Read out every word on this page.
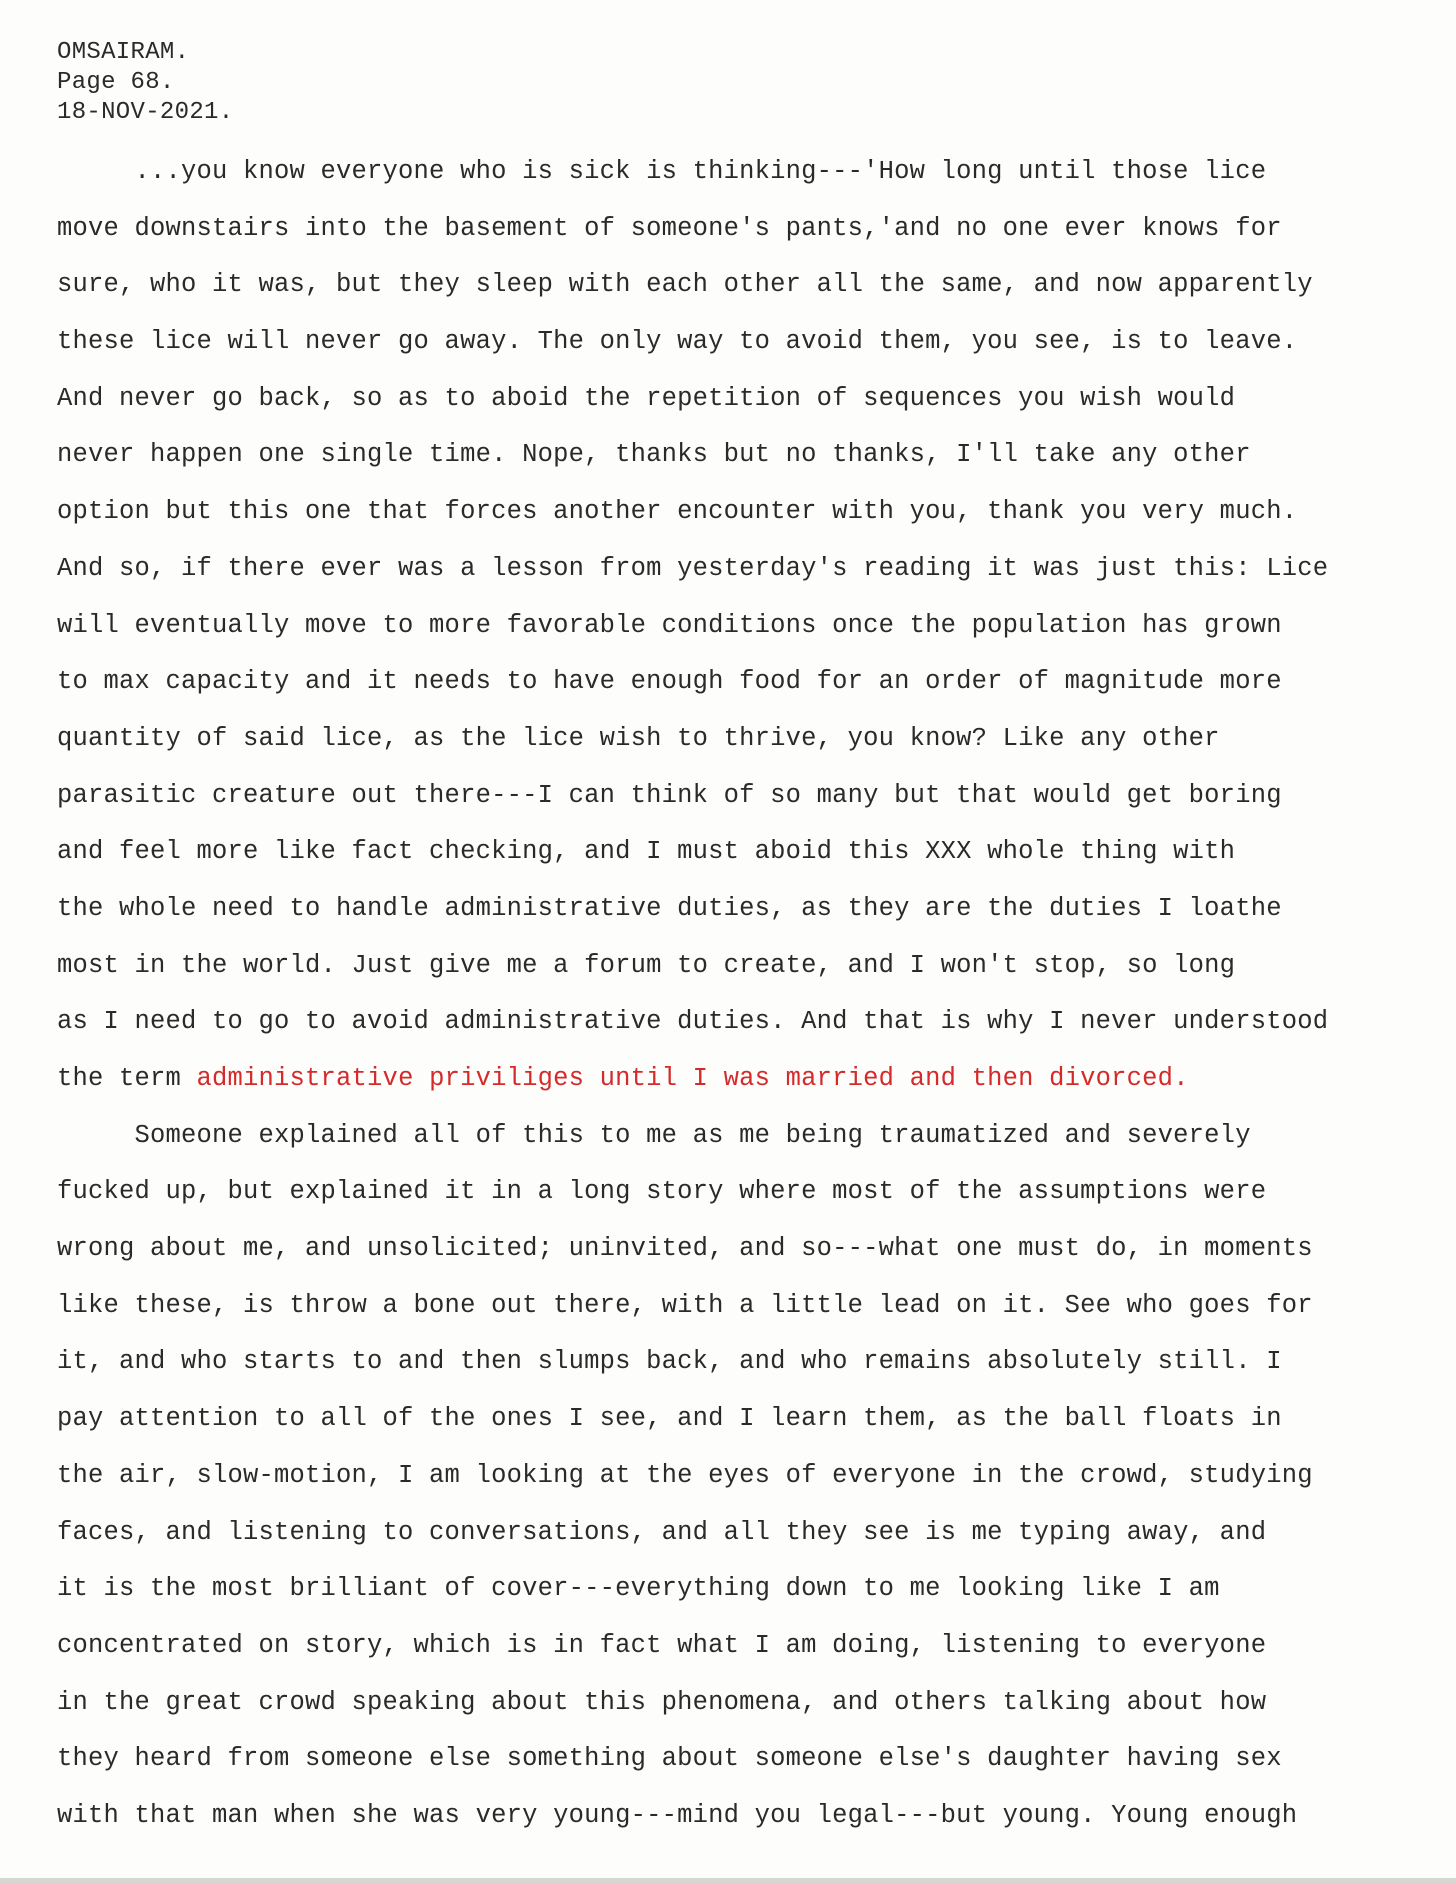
OMSAIRAM.
Page 68.
18-NOV-2021.
...you know everyone who is sick is thinking---'How long until those lice
move downstairs into the basement of someone's pants,'and no one ever knows for
sure, who it was, but they sleep with each other all the same, and now apparently
these lice will never go away. The only way to avoid them, you see, is to leave.
And never go back, so as to aboid the repetition of sequences you wish would
never happen one single time. Nope, thanks but no thanks, I'll take any other
option but this one that forces another encounter with you, thank you very much.
And so, if there ever was a lesson from yesterday's reading it was just this: Lice
will eventually move to more favorable conditions once the population has grown
to max capacity and it needs to have enough food for an order of magnitude more
quantity of said lice, as the lice wish to thrive, you know? Like any other
parasitic creature out there---I can think of so many but that would get boring
and feel more like fact checking, and I must aboid this XXX whole thing with
the whole need to handle administrative duties, as they are the duties I loathe
most in the world. Just give me a forum to create, and I won't stop, so long
as I need to go to avoid administrative duties. And that is why I never understood
the term administrative priviliges until I was married and then divorced.
Someone explained all of this to me as me being traumatized and severely
fucked up, but explained it in a long story where most of the assumptions were
wrong about me, and unsolicited; uninvited, and so---what one must do, in moments
like these, is throw a bone out there, with a little lead on it. See who goes for
it, and who starts to and then slumps back, and who remains absolutely still. I
pay attention to all of the ones I see, and I learn them, as the ball floats in
the air, slow-motion, I am looking at the eyes of everyone in the crowd, studying
faces, and listening to conversations, and all they see is me typing away, and
it is the most brilliant of cover---everything down to me looking like I am
concentrated on story, which is in fact what I am doing, listening to everyone
in the great crowd speaking about this phenomena, and others talking about how
they heard from someone else something about someone else's daughter having sex
with that man when she was very young---mind you legal---but young. Young enough
